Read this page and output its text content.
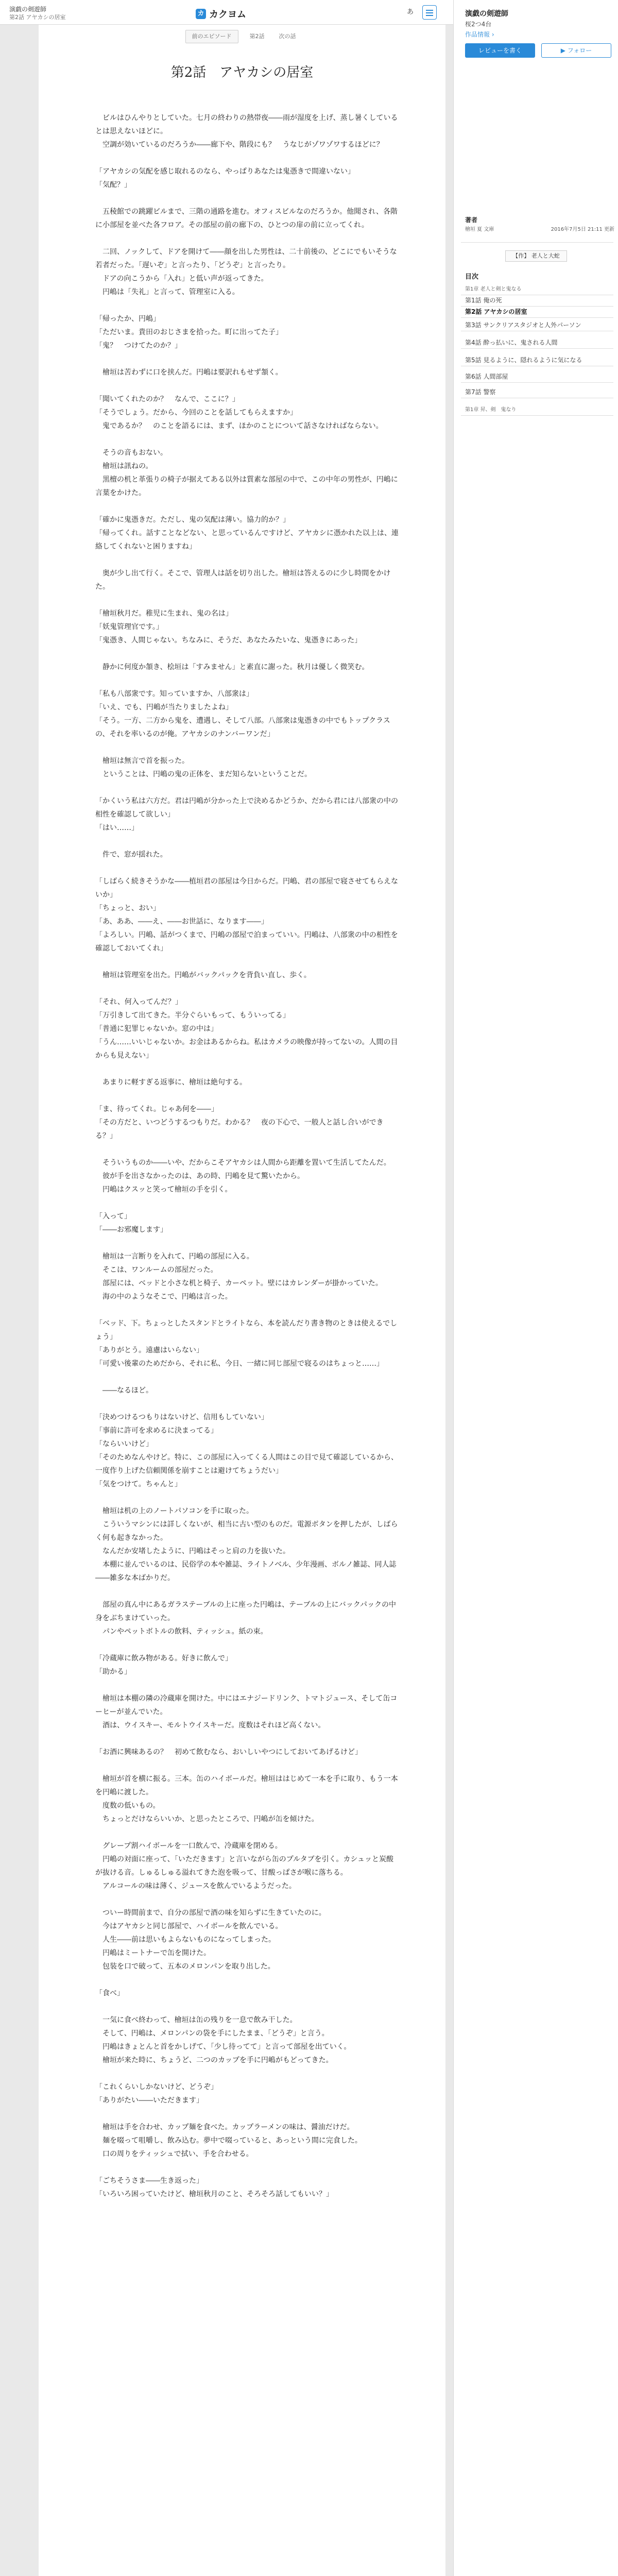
演戯の剣遊師
第2話 アヤカシの居室	カ カクヨム	あ
前のエピソード	第2話	次の話
第2話　アヤカシの居室

　ビルはひんやりとしていた。七月の終わりの熱帯夜――雨が湿度を上げ、蒸し暑くしているとは思えないほどに。
　空調が効いているのだろうか――廊下や、階段にも？　うなじがゾワゾワするほどに？

「アヤカシの気配を感じ取れるのなら、やっぱりあなたは鬼憑きで間違いない」
「気配？」

　五稜館での跳躍ビルまで、三階の通路を進む。オフィスビルなのだろうか。他聞され、各階に小部屋を並べた各フロア。その部屋の前の廊下の、ひとつの扉の前に立ってくれ。

　二回、ノックして、ドアを開けて――顔を出した男性は、二十前後の、どこにでもいそうな若者だった。「遅いぞ」と言ったり、「どうぞ」と言ったり。
　ドアの向こうから「入れ」と低い声が返ってきた。
　円嶋は「失礼」と言って、管理室に入る。

「帰ったか、円嶋」
「ただいま。貴田のおじさまを拾った。町に出ってた子」
「鬼？　つけてたのか？」

　檜垣は苦わずに口を挟んだ。円嶋は要訳れもせず頷く。

「聞いてくれたのか？　なんで、ここに？」
「そうでしょう。だから、今回のことを話してもらえますか」
　鬼であるか？　のことを語るには、まず、ほかのことについて話さなければならない。

　そうの音もおない。
　檜垣は訊ねの。
　黒檀の机と革張りの椅子が据えてある以外は質素な部屋の中で、この中年の男性が、円嶋に言葉をかけた。

「確かに鬼憑きだ。ただし、鬼の気配は薄い。協力的か？」
「帰ってくれ。話すことなどない、と思っているんですけど、アヤカシに憑かれた以上は、連絡してくれないと困りますね」

　奥が少し出て行く。そこで、管理人は話を切り出した。檜垣は答えるのに少し時間をかけた。

「檜垣秋月だ。稚児に生まれ、鬼の名は」
「妖鬼管理官です。」
「鬼憑き、人間じゃない。ちなみに、そうだ、あなたみたいな、鬼憑きにあった」

　静かに何度か頷き、桧垣は「すみません」と素直に謝った。秋月は優しく微笑む。

「私も八部衆です。知っていますか、八部衆は」
「いえ、でも、円嶋が当たりましたよね」
「そう。一方、二方から鬼を、遭遇し、そして八部。八部衆は鬼憑きの中でもトップクラスの、それを率いるのが俺。アヤカシのナンバーワンだ」

　檜垣は無言で首を振った。
　ということは、円嶋の鬼の正体を、まだ知らないということだ。

「かくいう私は六方だ。君は円嶋が分かった上で決めるかどうか、だから君には八部衆の中の相性を確認して欲しい」
「はい……」

　件で、窓が揺れた。

「しばらく続きそうかな――植垣君の部屋は今日からだ。円嶋、君の部屋で寝させてもらえないか」
「ちょっと、おい」
「あ、ああ、――え、――お世話に、なります――」
「よろしい。円嶋、話がつくまで、円嶋の部屋で泊まっていい。円嶋は、八部衆の中の相性を確認しておいてくれ」

　檜垣は管理室を出た。円嶋がバックパックを背負い直し、歩く。

「それ、何入ってんだ？」
「万引きして出てきた。半分ぐらいもって、もういってる」
「普通に犯罪じゃないか。窓の中は」
「うん……いいじゃないか。お金はあるからね。私はカメラの映像が持ってないの。人間の目からも見えない」

　あまりに軽すぎる返事に、檜垣は絶句する。

「ま、待ってくれ。じゃあ何を――」
「その方だと、いつどうするつもりだ。わかる？　夜の下心で、一般人と話し合いができる？」

　そういうものか――いや、だからこそアヤカシは人間から距離を置いて生活してたんだ。
　彼が手を出さなかったのは、あの時、円嶋を見て驚いたから。
　円嶋はクスッと笑って檜垣の手を引く。

「入って」
「――お邪魔します」

　檜垣は一言断りを入れて、円嶋の部屋に入る。
　そこは、ワンルームの部屋だった。
　部屋には、ベッドと小さな机と椅子、カーペット。壁にはカレンダーが掛かっていた。
　海の中のようなそこで、円嶋は言った。

「ベッド、下。ちょっとしたスタンドとライトなら、本を読んだり書き物のときは使えるでしょう」
「ありがとう。遠慮はいらない」
「可愛い後輩のためだから、それに私、今日、一緒に同じ部屋で寝るのはちょっと……」

　――なるほど。

「決めつけるつもりはないけど、信用もしていない」
「事前に許可を求めるに決まってる」
「ならいいけど」
「そのためなんやけど。特に、この部屋に入ってくる人間はこの目で見て確認しているから、一度作り上げた信頼関係を崩すことは避けてちょうだい」
「気をつけて。ちゃんと」

　檜垣は机の上のノートパソコンを手に取った。
　こういうマシンには詳しくないが、相当に古い型のものだ。電源ボタンを押したが、しばらく何も起きなかった。
　なんだか安堵したように、円嶋はそっと肩の力を抜いた。
　本棚に並んでいるのは、民俗学の本や雑誌、ライトノベル、少年漫画、ボルノ雑誌、同人誌――雑多な本ばかりだ。

　部屋の真ん中にあるガラステーブルの上に座った円嶋は、テーブルの上にバックパックの中身をぶちまけていった。
　パンやペットボトルの飲料、ティッシュ。紙の束。

「冷蔵庫に飲み物がある。好きに飲んで」
「助かる」

　檜垣は本棚の隣の冷蔵庫を開けた。中にはエナジードリンク、トマトジュース、そして缶コーヒーが並んでいた。
　酒は、ウイスキー、モルトウイスキーだ。度数はそれほど高くない。

「お酒に興味あるの？　初めて飲むなら、おいしいやつにしておいてあげるけど」

　檜垣が首を横に振る。三本。缶のハイボールだ。檜垣ははじめて一本を手に取り、もう一本を円嶋に渡した。
　度数の低いもの。
　ちょっとだけならいいか、と思ったところで、円嶋が缶を傾けた。

　グレープ割ハイボールを一口飲んで、冷蔵庫を閉める。
　円嶋の対面に座って、「いただきます」と言いながら缶のプルタブを引く。カシュッと炭酸が抜ける音。しゅるしゅる溢れてきた泡を吸って、甘酸っぱさが喉に落ちる。
　アルコールの味は薄く、ジュースを飲んでいるようだった。

　ついー時間前まで、自分の部屋で酒の味を知らずに生きていたのに。
　今はアヤカシと同じ部屋で、ハイボールを飲んでいる。
　人生――前は思いもよらないものになってしまった。
　円嶋はミートナーで缶を開けた。
　包装を口で破って、五本のメロンパンを取り出した。

「食べ」

　一気に食べ終わって、檜垣は缶の残りを一息で飲み干した。
　そして、円嶋は、メロンパンの袋を手にしたまま、「どうぞ」と言う。
　円嶋はきょとんと首をかしげて、「少し待ってて」と言って部屋を出ていく。
　檜垣が来た時に、ちょうど、二つのカップを手に円嶋がもどってきた。

「これくらいしかないけど、どうぞ」
「ありがたい――いただきます」

　檜垣は手を合わせ、カップ麺を食べた。カップラーメンの味は、醤油だけだ。
　麺を啜って咀嚼し、飲み込む。夢中で啜っていると、あっという間に完食した。
　口の周りをティッシュで拭い、手を合わせる。

「ごちそうさま――生き返った」
「いろいろ困っていたけど、檜垣秋月のこと、そろそろ話してもいい？」

演戯の剣遊師
桜2つ4台
作品情報 ›
レビューを書く	▶ フォロー
著者
檜垣 夏 文庫	2016年7月5日 21:11 更新
【作】 老人と大蛇
目次
第1章 老人と剣と鬼なる
第1話 俺の死
第2話 アヤカシの居室
第3話 サンクリアスタジオと人外パーソン
第4話 酔っ払いに、鬼される人間
第5話 見るように、隠れるように気になる
第6話 人間部屋
第7話 警察
第1章 昇、剣　鬼なり
